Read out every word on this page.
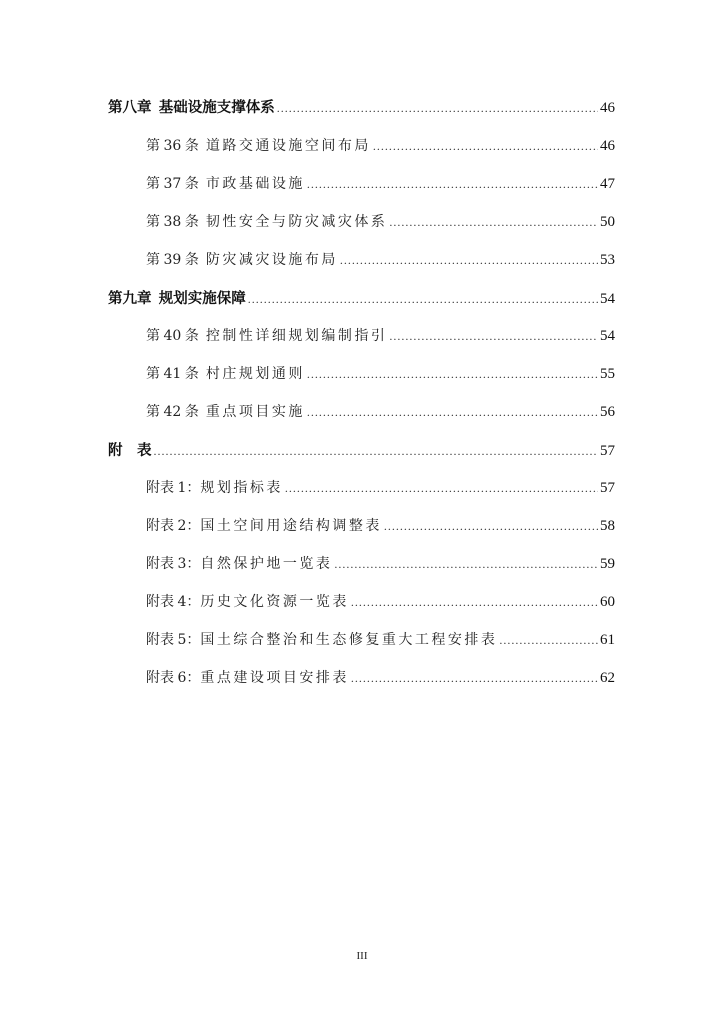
第八章  基础设施支撑体系 .....	46
第  36  条  道路交通设施空间布局 .....	46
第  37  条  市政基础设施 .....	47
第  38  条  韧性安全与防灾减灾体系 .....	50
第  39  条  防灾减灾设施布局 .....	53
第九章  规划实施保障 .....	54
第  40  条  控制性详细规划编制指引 .....	54
第  41  条  村庄规划通则 .....	55
第  42  条  重点项目实施 .....	56
附　表 .....	57
附表  1：规划指标表 .....	57
附表  2：国土空间用途结构调整表 .....	58
附表  3：自然保护地一览表 .....	59
附表  4：历史文化资源一览表 .....	60
附表  5：国土综合整治和生态修复重大工程安排表 .....	61
附表  6：重点建设项目安排表 .....	62
III
